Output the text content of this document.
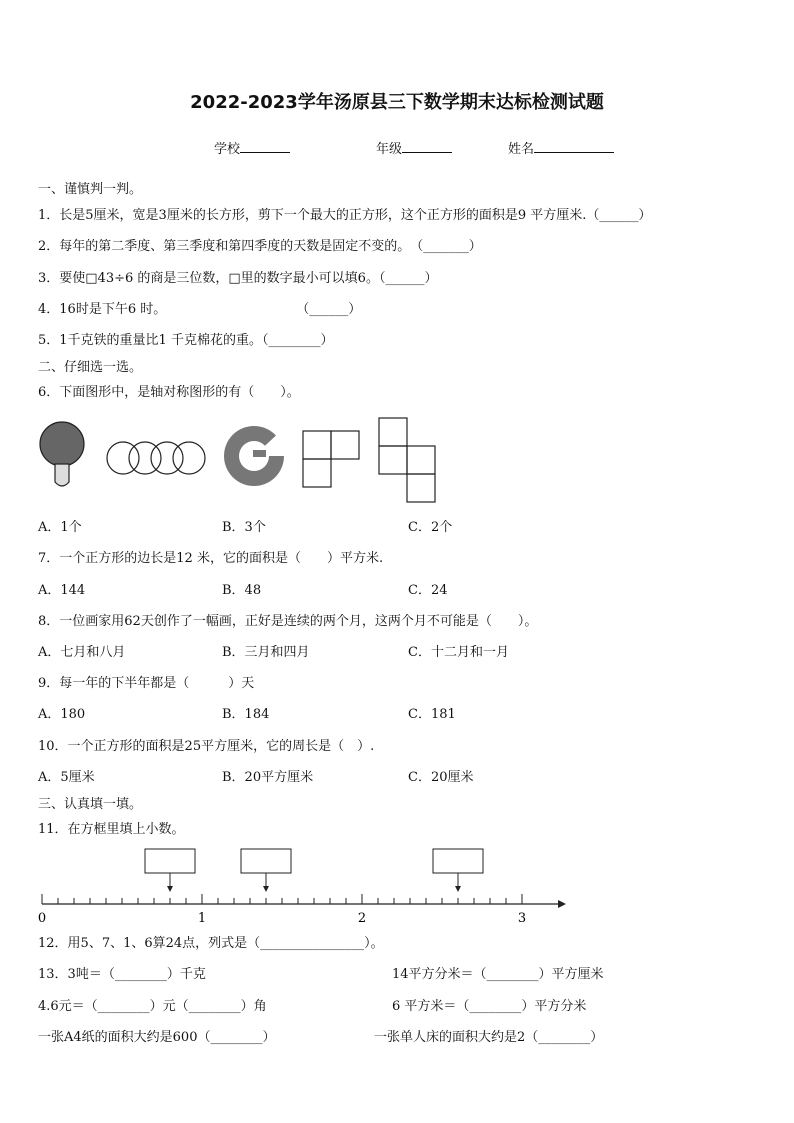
2022-2023学年汤原县三下数学期末达标检测试题
学校	年级	姓名
一、谨慎判一判。
1．长是5厘米，宽是3厘米的长方形，剪下一个最大的正方形，这个正方形的面积是9 平方厘米.（______）
2．每年的第二季度、第三季度和第四季度的天数是固定不变的。　（_______）
3．要使□43÷6 的商是三位数，□里的数字最小可以填6。（______）
4．16时是下午6 时。　　　　　　　　　　　（______）
5．1千克铁的重量比1 千克棉花的重。（________）
二、仔细选一选。
6．下面图形中，是轴对称图形的有（　　）。
A．1个	B．3个	C．2个
7．一个正方形的边长是12 米，它的面积是（　　）平方米.
A．144	B．48	C．24
8．一位画家用62天创作了一幅画，正好是连续的两个月，这两个月不可能是（　　）。
A．七月和八月	B．三月和四月	C．十二月和一月
9．每一年的下半年都是（　　　）天
A．180	B．184	C．181
10．一个正方形的面积是25平方厘米，它的周长是（　）.
A．5厘米	B．20平方厘米	C．20厘米
三、认真填一填。
11．在方框里填上小数。
0	1	2	3
12．用5、7、1、6算24点，列式是（________________）。
13．3吨＝（________）千克	14平方分米＝（________）平方厘米
4.6元＝（________）元（________）角	6 平方米＝（________）平方分米
一张A4纸的面积大约是600（________）	一张单人床的面积大约是2（________）
